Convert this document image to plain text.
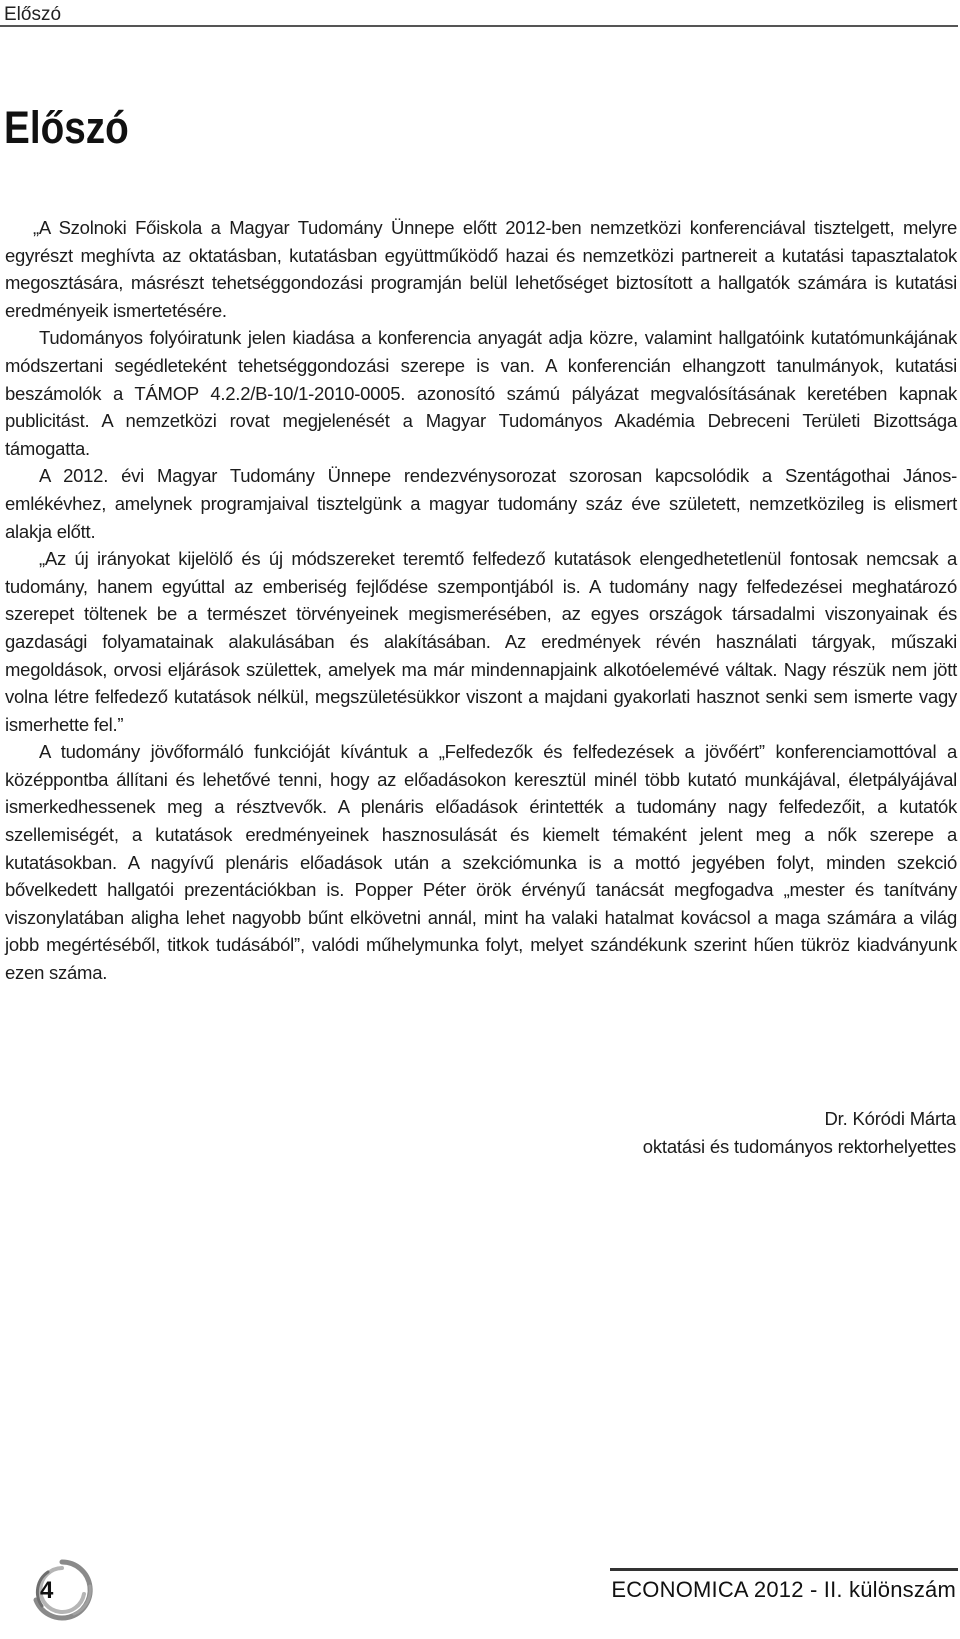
Előszó
Előszó

„A Szolnoki Főiskola a Magyar Tudomány Ünnepe előtt 2012-ben nemzetközi konferenciával tisztelgett, melyre egyrészt meghívta az oktatásban, kutatásban együttműködő hazai és nemzetközi partnereit a kutatási tapasztalatok megosztására, másrészt tehetséggondozási programján belül lehetőséget biztosított a hallgatók számára is kutatási eredményeik ismertetésére.

Tudományos folyóiratunk jelen kiadása a konferencia anyagát adja közre, valamint hallgatóink kutatómunkájának módszertani segédleteként tehetséggondozási szerepe is van. A konferencián elhangzott tanulmányok, kutatási beszámolók a TÁMOP 4.2.2/B-10/1-2010-0005. azonosító számú pályázat megvalósításának keretében kapnak publicitást. A nemzetközi rovat megjelenését a Magyar Tudományos Akadémia Debreceni Területi Bizottsága támogatta.

A 2012. évi Magyar Tudomány Ünnepe rendezvénysorozat szorosan kapcsolódik a Szentágothai János-emlékévhez, amelynek programjaival tisztelgünk a magyar tudomány száz éve született, nemzetközileg is elismert alakja előtt.

„Az új irányokat kijelölő és új módszereket teremtő felfedező kutatások elengedhetetlenül fontosak nemcsak a tudomány, hanem egyúttal az emberiség fejlődése szempontjából is. A tudomány nagy felfedezései meghatározó szerepet töltenek be a természet törvényeinek megismerésében, az egyes országok társadalmi viszonyainak és gazdasági folyamatainak alakulásában és alakításában. Az eredmények révén használati tárgyak, műszaki megoldások, orvosi eljárások születtek, amelyek ma már mindennapjaink alkotóelemévé váltak. Nagy részük nem jött volna létre felfedező kutatások nélkül, megszületésükkor viszont a majdani gyakorlati hasznot senki sem ismerte vagy ismerhette fel.”

A tudomány jövőformáló funkcióját kívántuk a „Felfedezők és felfedezések a jövőért” konferenciamottóval a középpontba állítani és lehetővé tenni, hogy az előadásokon keresztül minél több kutató munkájával, életpályájával ismerkedhessenek meg a résztvevők. A plenáris előadások érintették a tudomány nagy felfedezőit, a kutatók szellemiségét, a kutatások eredményeinek hasznosulását és kiemelt témaként jelent meg a nők szerepe a kutatásokban. A nagyívű plenáris előadások után a szekciómunka is a mottó jegyében folyt, minden szekció bővelkedett hallgatói prezentációkban is. Popper Péter örök érvényű tanácsát megfogadva „mester és tanítvány viszonylatában aligha lehet nagyobb bűnt elkövetni annál, mint ha valaki hatalmat kovácsol a maga számára a világ jobb megértéséből, titkok tudásából”, valódi műhelymunka folyt, melyet szándékunk szerint hűen tükröz kiadványunk ezen száma.

Dr. Kóródi Márta
oktatási és tudományos rektorhelyettes
4	ECONOMICA 2012 - II. különszám
